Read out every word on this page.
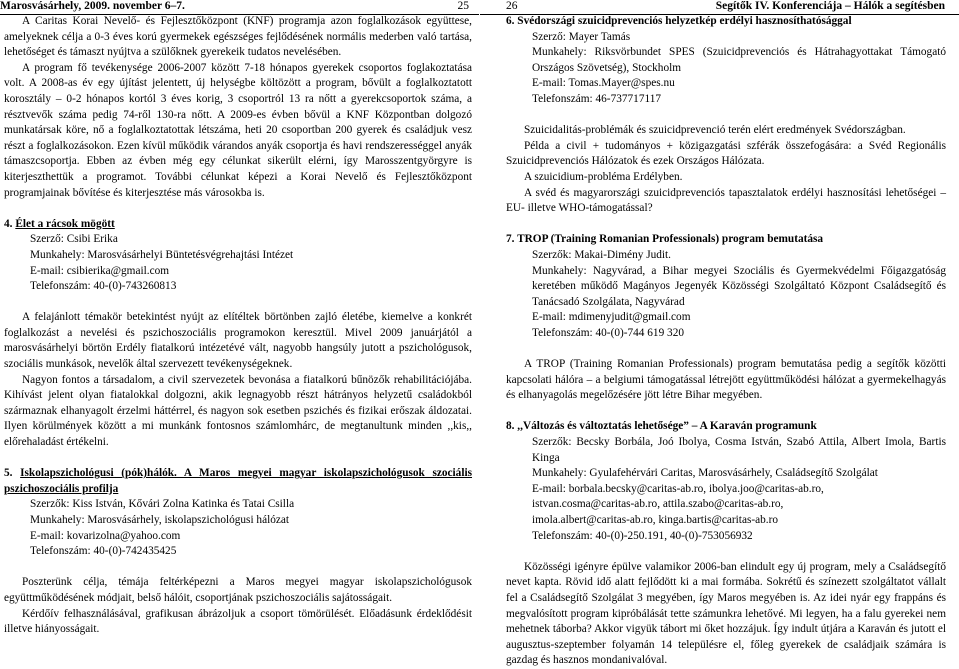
Marosvásárhely, 2009. november 6–7.	25

A Caritas Korai Nevelő- és Fejlesztőközpont (KNF) programja azon foglalkozások együttese, amelyeknek célja a 0-3 éves korú gyermekek egészséges fejlődésének normális mederben való tartása, lehetőséget és támaszt nyújtva a szülőknek gyerekeik tudatos nevelésében.

A program fő tevékenysége 2006-2007 között 7-18 hónapos gyerekek csoportos foglakoztatása volt. A 2008-as év egy újítást jelentett, új helységbe költözött a program, bővült a foglalkoztatott korosztály – 0-2 hónapos kortól 3 éves korig, 3 csoportról 13 ra nőtt a gyerekcsoportok száma, a résztvevők száma pedig 74-ről 130-ra nőtt. A 2009-es évben bővül a KNF Központban dolgozó munkatársak köre, nő a foglalkoztatottak létszáma, heti 20 csoportban 200 gyerek és családjuk vesz részt a foglalkozásokon. Ezen kívül működik várandos anyák csoportja és havi rendszerességgel anyák támaszcsoportja. Ebben az évben még egy célunkat sikerült elérni, így Marosszentgyörgyre is kiterjeszthettük a programot. További célunkat képezi a Korai Nevelő és Fejlesztőközpont programjainak bővítése és kiterjesztése más városokba is.

4. Élet a rácsok mögött

Szerző: Csibi Erika

Munkahely: Marosvásárhelyi Büntetésvégrehajtási Intézet

E-mail: csibierika@gmail.com

Telefonszám: 40-(0)-743260813

A felajánlott témakör betekintést nyújt az elítéltek börtönben zajló életébe, kiemelve a konkrét foglalkozást a nevelési és pszichoszociális programokon keresztül. Mivel 2009 januárjától a marosvásárhelyi börtön Erdély fiatalkorú intézetévé vált, nagyobb hangsúly jutott a pszichológusok, szociális munkások, nevelők által szervezett tevékenységeknek.

Nagyon fontos a társadalom, a civil szervezetek bevonása a fiatalkorú bűnözők rehabilitációjába. Kihívást jelent olyan fiatalokkal dolgozni, akik legnagyobb részt hátrányos helyzetű családokból származnak elhanyagolt érzelmi háttérrel, és nagyon sok esetben pszichés és fizikai erőszak áldozatai. Ilyen körülmények között a mi munkánk fontosnos számlomhárc, de megtanultunk minden ,,kis,, előrehaladást értékelni.

5. Iskolapszichológusi (pók)hálók. A Maros megyei magyar iskolapszichológusok szociális pszichoszociális profilja

Szerzők: Kiss István, Kővári Zolna Katinka és Tatai Csilla

Munkahely: Marosvásárhely, iskolapszichológusi hálózat

E-mail: kovarizolna@yahoo.com

Telefonszám: 40-(0)-742435425

Poszterünk célja, témája feltérképezni a Maros megyei magyar iskolapszichológusok együttműködésének módjait, belső hálóit, csoportjának pszichoszociális sajátosságait.

Kérdőív felhasználásával, grafikusan ábrázoljuk a csoport tömörülését. Előadásunk érdeklődésit illetve hiányosságait.

26	Segítők IV. Konferenciája – Hálók a segítésben

6. Svédországi szuicidprevenciós helyzetkép erdélyi hasznosíthatósággal

Szerző: Mayer Tamás

Munkahely: Riksvörbundet SPES (Szuicidprevenciós és Hátrahagyottakat Támogató Országos Szövetség), Stockholm

E-mail: Tomas.Mayer@spes.nu

Telefonszám: 46-737717117

Szuicidalitás-problémák és szuicidprevenció terén elért eredmények Svédországban.

Példa a civil + tudományos + közigazgatási szférák összefogására: a Svéd Regionális Szuicidprevenciós Hálózatok és ezek Országos Hálózata.

A szuicidium-probléma Erdélyben.

A svéd és magyarországi szuicidprevenciós tapasztalatok erdélyi hasznosítási lehetőségei – EU- illetve WHO-támogatással?

7. TROP (Training Romanian Professionals) program bemutatása

Szerzők: Makai-Dimény Judit.

Munkahely: Nagyvárad, a Bihar megyei Szociális és Gyermekvédelmi Főigazgatóság keretében működő Magányos Jegenyék Közösségi Szolgáltató Központ Családsegítő és Tanácsadó Szolgálata, Nagyvárad

E-mail: mdimenyjudit@gmail.com

Telefonszám: 40-(0)-744 619 320

A TROP (Training Romanian Professionals) program bemutatása pedig a segítők közötti kapcsolati hálóra – a belgiumi támogatással létrejött együttműködési hálózat a gyermekelhagyás és elhanyagolás megelőzésére jött létre Bihar megyében.

8. ,,Változás és változtatás lehetősége” – A Karaván programunk

Szerzők: Becsky Borbála, Joó Ibolya, Cosma István, Szabó Attila, Albert Imola, Bartis Kinga

Munkahely: Gyulafehérvári Caritas, Marosvásárhely, Családsegítő Szolgálat

E-mail: borbala.becsky@caritas-ab.ro, ibolya.joo@caritas-ab.ro,

istvan.cosma@caritas-ab.ro, attila.szabo@caritas-ab.ro,

imola.albert@caritas-ab.ro, kinga.bartis@caritas-ab.ro

Telefonszám: 40-(0)-250.191, 40-(0)-753056932

Közösségi igényre épülve valamikor 2006-ban elindult egy új program, mely a Családsegítő nevet kapta. Rövid idő alatt fejlődött ki a mai formába. Sokrétű és színezett szolgáltatot vállalt fel a Családsegítő Szolgálat 3 megyében, így Maros megyében is. Az idei nyár egy frappáns és megvalósított program kipróbálását tette számunkra lehetővé. Mi legyen, ha a falu gyerekei nem mehetnek táborba? Akkor vigyük tábort mi őket hozzájuk. Így indult útjára a Karaván és jutott el augusztus-szeptember folyamán 14 településre el, főleg gyerekek de családjaik számára is gazdag és hasznos mondanivalóval.
